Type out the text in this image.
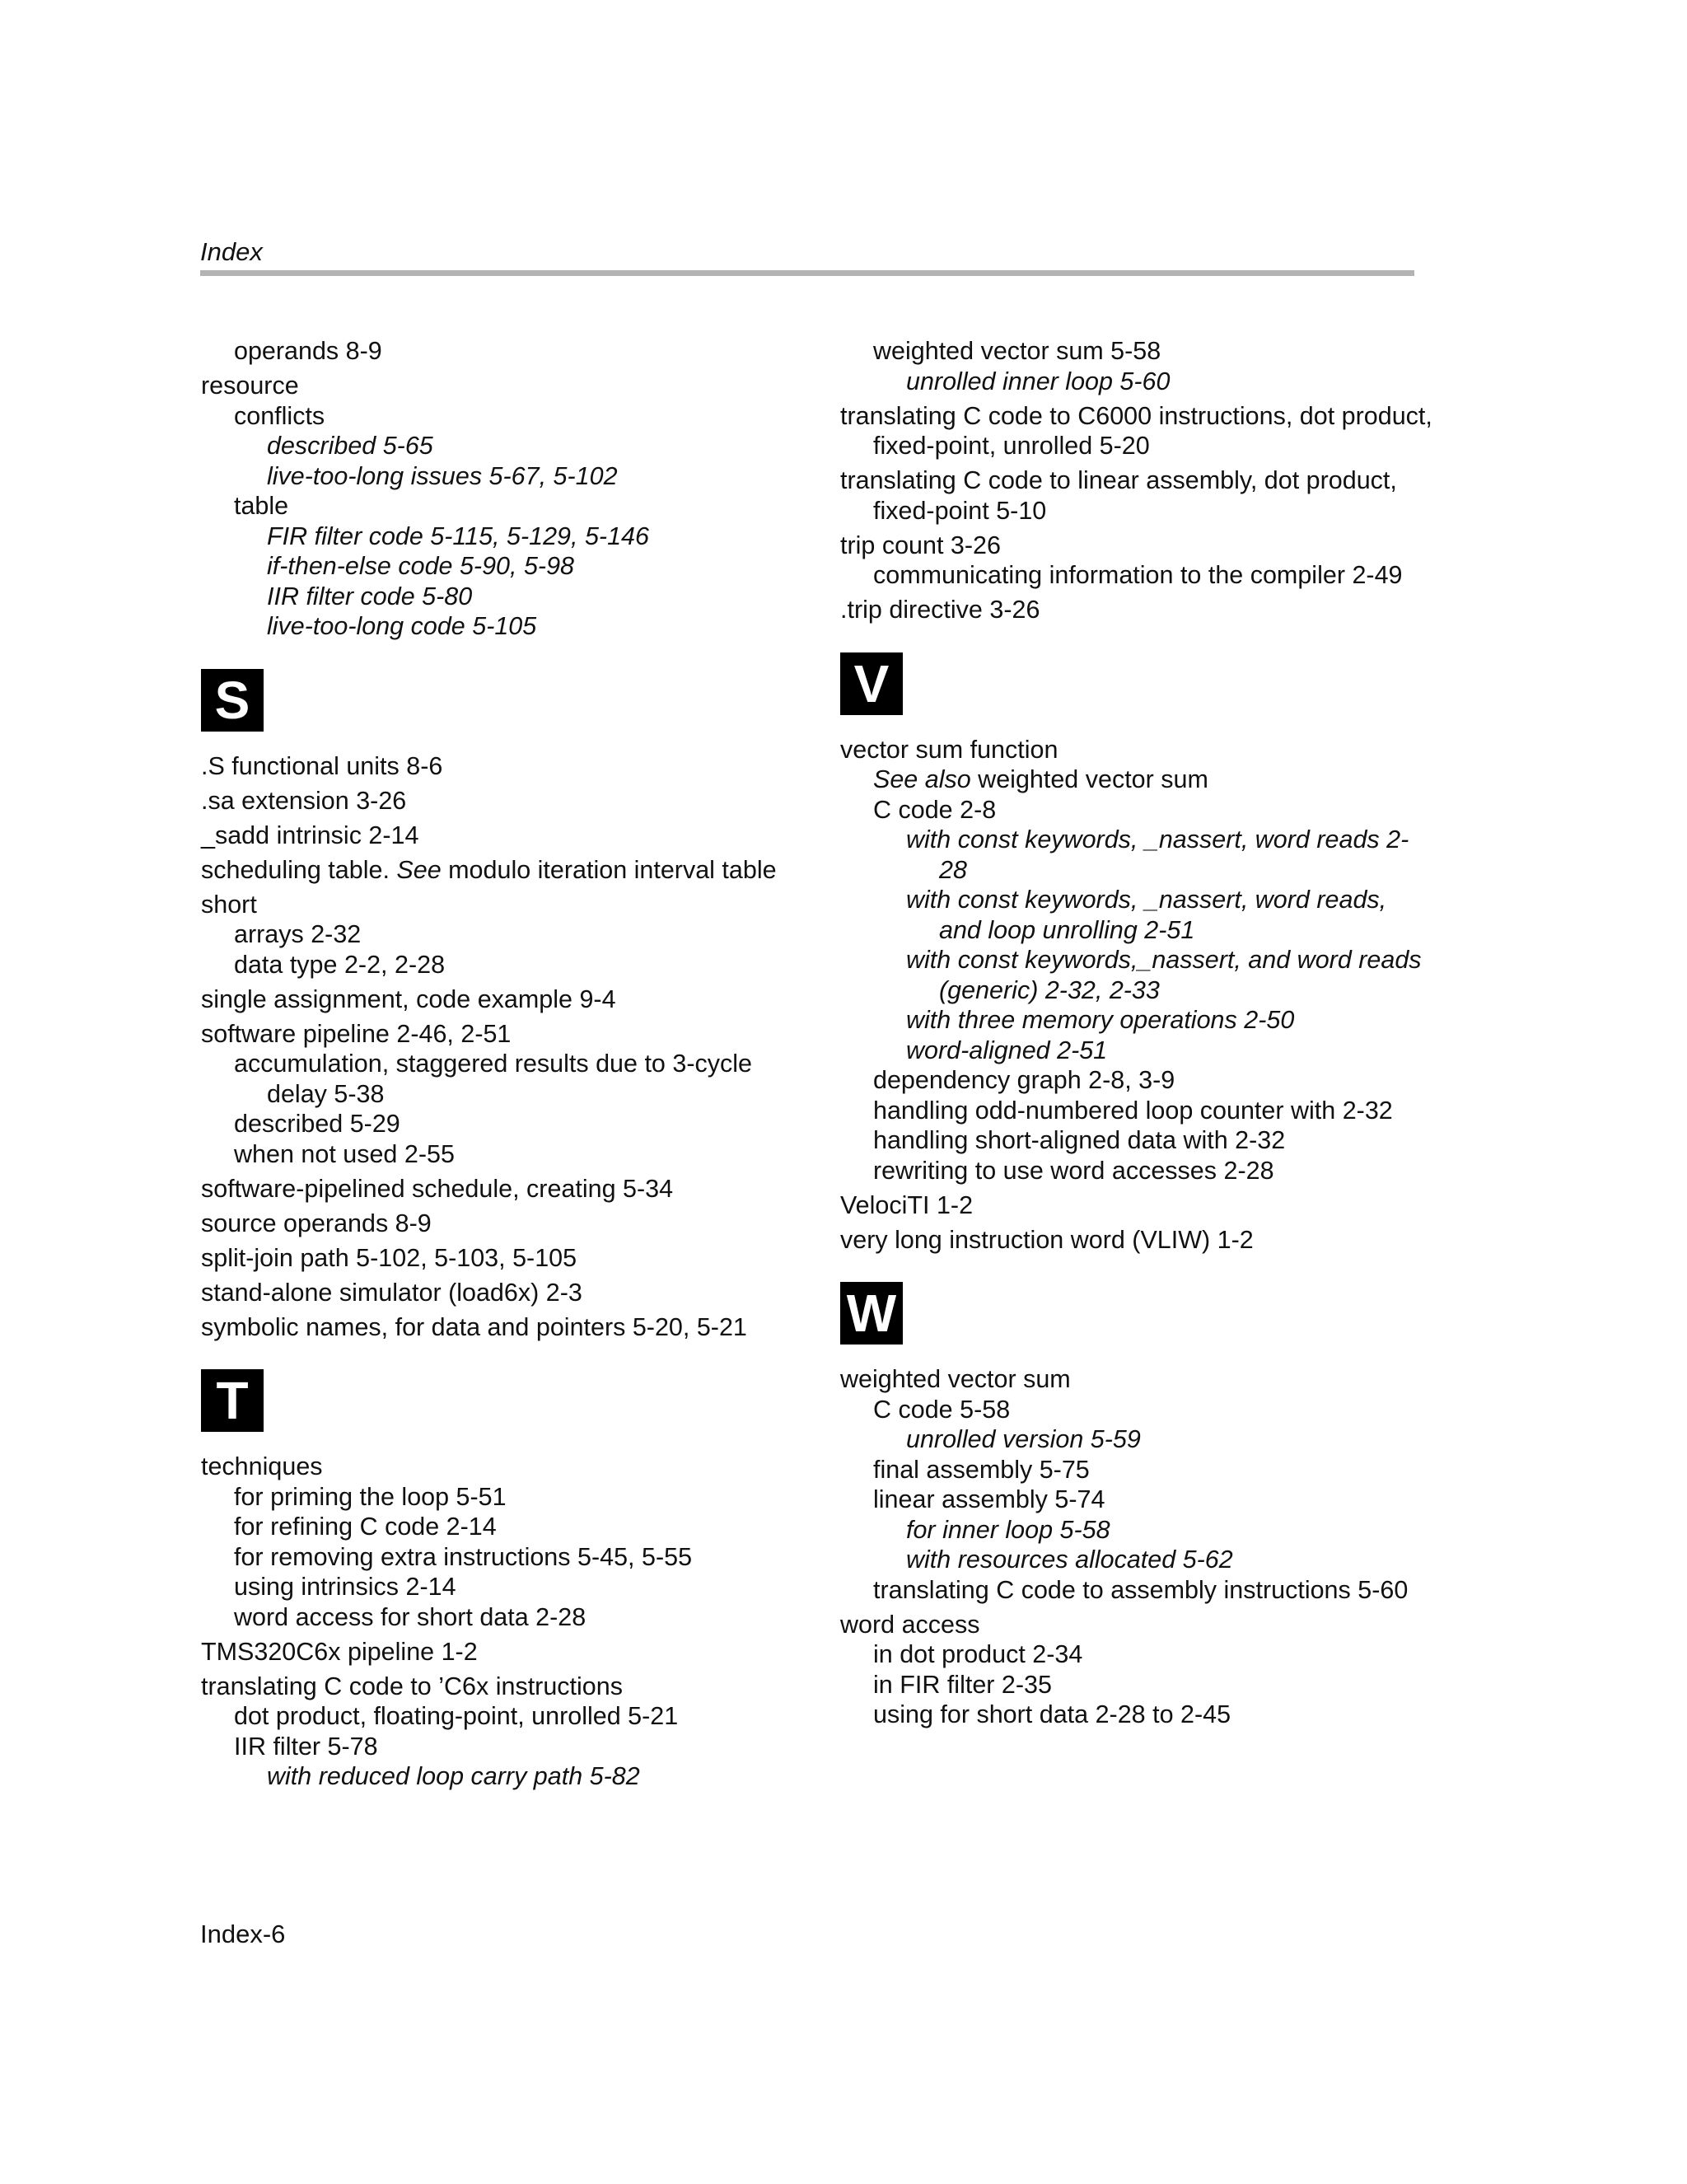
Index
operands 8-9
resource
conflicts
described 5-65
live-too-long issues 5-67, 5-102
table
FIR filter code 5-115, 5-129, 5-146
if-then-else code 5-90, 5-98
IIR filter code 5-80
live-too-long code 5-105
S
.S functional units 8-6
.sa extension 3-26
_sadd intrinsic 2-14
scheduling table. See modulo iteration interval table
short
arrays 2-32
data type 2-2, 2-28
single assignment, code example 9-4
software pipeline 2-46, 2-51
accumulation, staggered results due to 3-cycle delay 5-38
described 5-29
when not used 2-55
software-pipelined schedule, creating 5-34
source operands 8-9
split-join path 5-102, 5-103, 5-105
stand-alone simulator (load6x) 2-3
symbolic names, for data and pointers 5-20, 5-21
T
techniques
for priming the loop 5-51
for refining C code 2-14
for removing extra instructions 5-45, 5-55
using intrinsics 2-14
word access for short data 2-28
TMS320C6x pipeline 1-2
translating C code to ’C6x instructions
dot product, floating-point, unrolled 5-21
IIR filter 5-78
with reduced loop carry path 5-82
weighted vector sum 5-58
unrolled inner loop 5-60
translating C code to C6000 instructions, dot product, fixed-point, unrolled 5-20
translating C code to linear assembly, dot product, fixed-point 5-10
trip count 3-26
communicating information to the compiler 2-49
.trip directive 3-26
V
vector sum function
See also weighted vector sum
C code 2-8
with const keywords, _nassert, word reads 2-28
with const keywords, _nassert, word reads, and loop unrolling 2-51
with const keywords,_nassert, and word reads (generic) 2-32, 2-33
with three memory operations 2-50
word-aligned 2-51
dependency graph 2-8, 3-9
handling odd-numbered loop counter with 2-32
handling short-aligned data with 2-32
rewriting to use word accesses 2-28
VelociTI 1-2
very long instruction word (VLIW) 1-2
W
weighted vector sum
C code 5-58
unrolled version 5-59
final assembly 5-75
linear assembly 5-74
for inner loop 5-58
with resources allocated 5-62
translating C code to assembly instructions 5-60
word access
in dot product 2-34
in FIR filter 2-35
using for short data 2-28 to 2-45
Index-6
